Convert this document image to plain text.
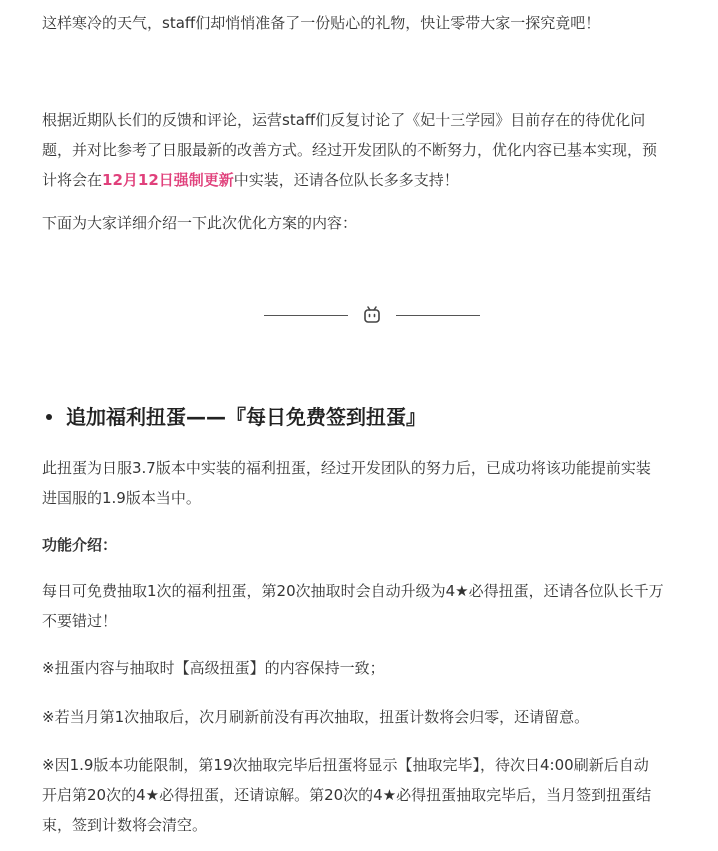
这样寒冷的天气，staff们却悄悄准备了一份贴心的礼物，快让零带大家一探究竟吧！

根据近期队长们的反馈和评论，运营staff们反复讨论了《妃十三学园》目前存在的待优化问
题，并对比参考了日服最新的改善方式。经过开发团队的不断努力，优化内容已基本实现，预
计将会在12月12日强制更新中实装，还请各位队长多多支持！

下面为大家详细介绍一下此次优化方案的内容：

追加福利扭蛋——『每日免费签到扭蛋』

此扭蛋为日服3.7版本中实装的福利扭蛋，经过开发团队的努力后，已成功将该功能提前实装
进国服的1.9版本当中。

功能介绍：

每日可免费抽取1次的福利扭蛋，第20次抽取时会自动升级为4★必得扭蛋，还请各位队长千万
不要错过！

※扭蛋内容与抽取时【高级扭蛋】的内容保持一致；

※若当月第1次抽取后，次月刷新前没有再次抽取，扭蛋计数将会归零，还请留意。

※因1.9版本功能限制，第19次抽取完毕后扭蛋将显示【抽取完毕】，待次日4:00刷新后自动
开启第20次的4★必得扭蛋，还请谅解。第20次的4★必得扭蛋抽取完毕后，当月签到扭蛋结
束，签到计数将会清空。
